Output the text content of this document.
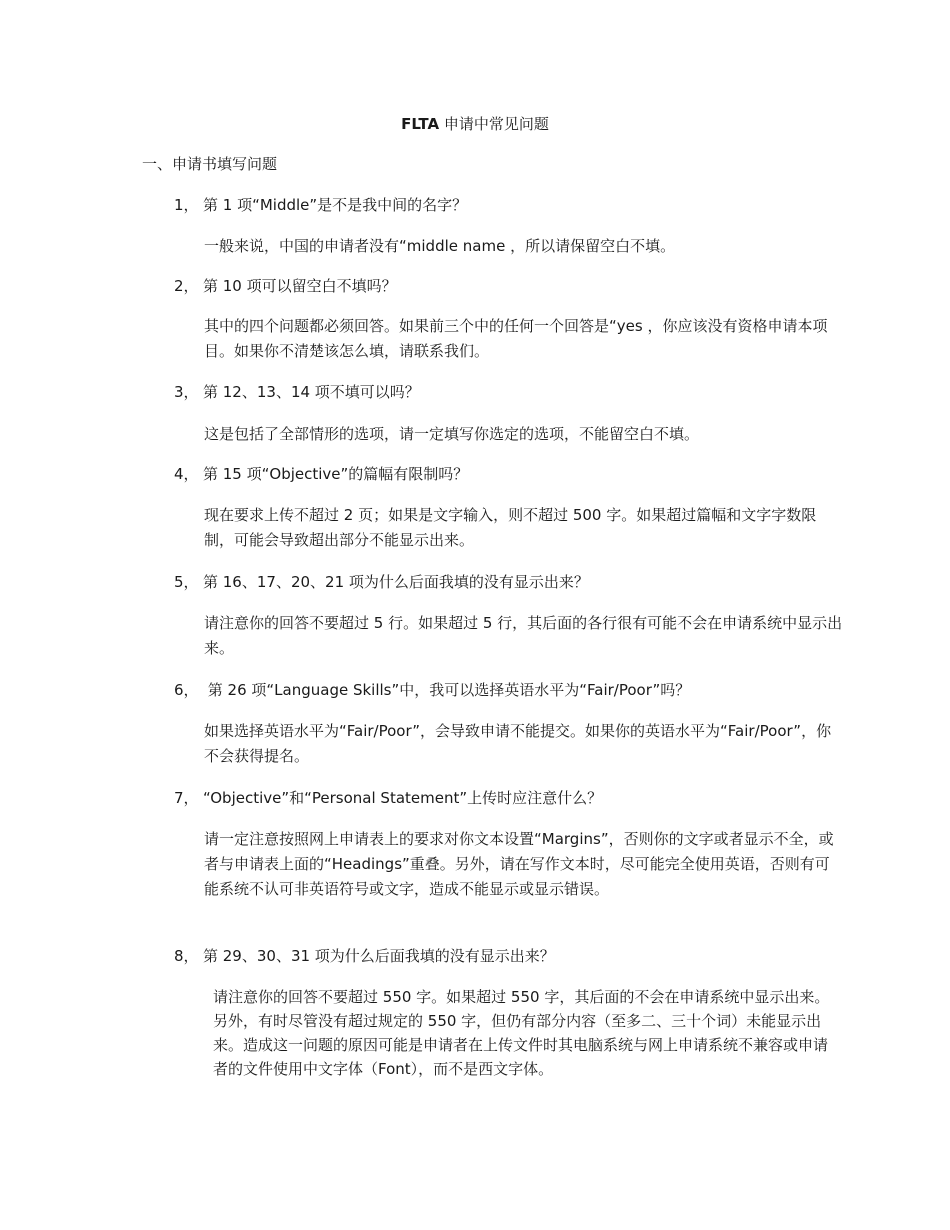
FLTA 申请中常见问题
一、申请书填写问题
1， 第 1 项“Middle”是不是我中间的名字？
一般来说，中国的申请者没有“middle name ，所以请保留空白不填。
2， 第 10 项可以留空白不填吗？
其中的四个问题都必须回答。如果前三个中的任何一个回答是“yes ，你应该没有资格申请本项目。如果你不清楚该怎么填，请联系我们。
3， 第 12、13、14 项不填可以吗？
这是包括了全部情形的选项，请一定填写你选定的选项，不能留空白不填。
4， 第 15 项“Objective”的篇幅有限制吗？
现在要求上传不超过 2 页；如果是文字输入，则不超过 500 字。如果超过篇幅和文字字数限制，可能会导致超出部分不能显示出来。
5， 第 16、17、20、21 项为什么后面我填的没有显示出来？
请注意你的回答不要超过 5 行。如果超过 5 行，其后面的各行很有可能不会在申请系统中显示出来。
6， 第 26 项“Language Skills”中，我可以选择英语水平为“Fair/Poor”吗？
如果选择英语水平为“Fair/Poor”，会导致申请不能提交。如果你的英语水平为“Fair/Poor”，你不会获得提名。
7， “Objective”和“Personal Statement”上传时应注意什么？
请一定注意按照网上申请表上的要求对你文本设置“Margins”，否则你的文字或者显示不全，或者与申请表上面的“Headings”重叠。另外，请在写作文本时，尽可能完全使用英语，否则有可能系统不认可非英语符号或文字，造成不能显示或显示错误。
8， 第 29、30、31 项为什么后面我填的没有显示出来？
请注意你的回答不要超过 550 字。如果超过 550 字，其后面的不会在申请系统中显示出来。另外，有时尽管没有超过规定的 550 字，但仍有部分内容（至多二、三十个词）未能显示出来。造成这一问题的原因可能是申请者在上传文件时其电脑系统与网上申请系统不兼容或申请者的文件使用中文字体（Font），而不是西文字体。
